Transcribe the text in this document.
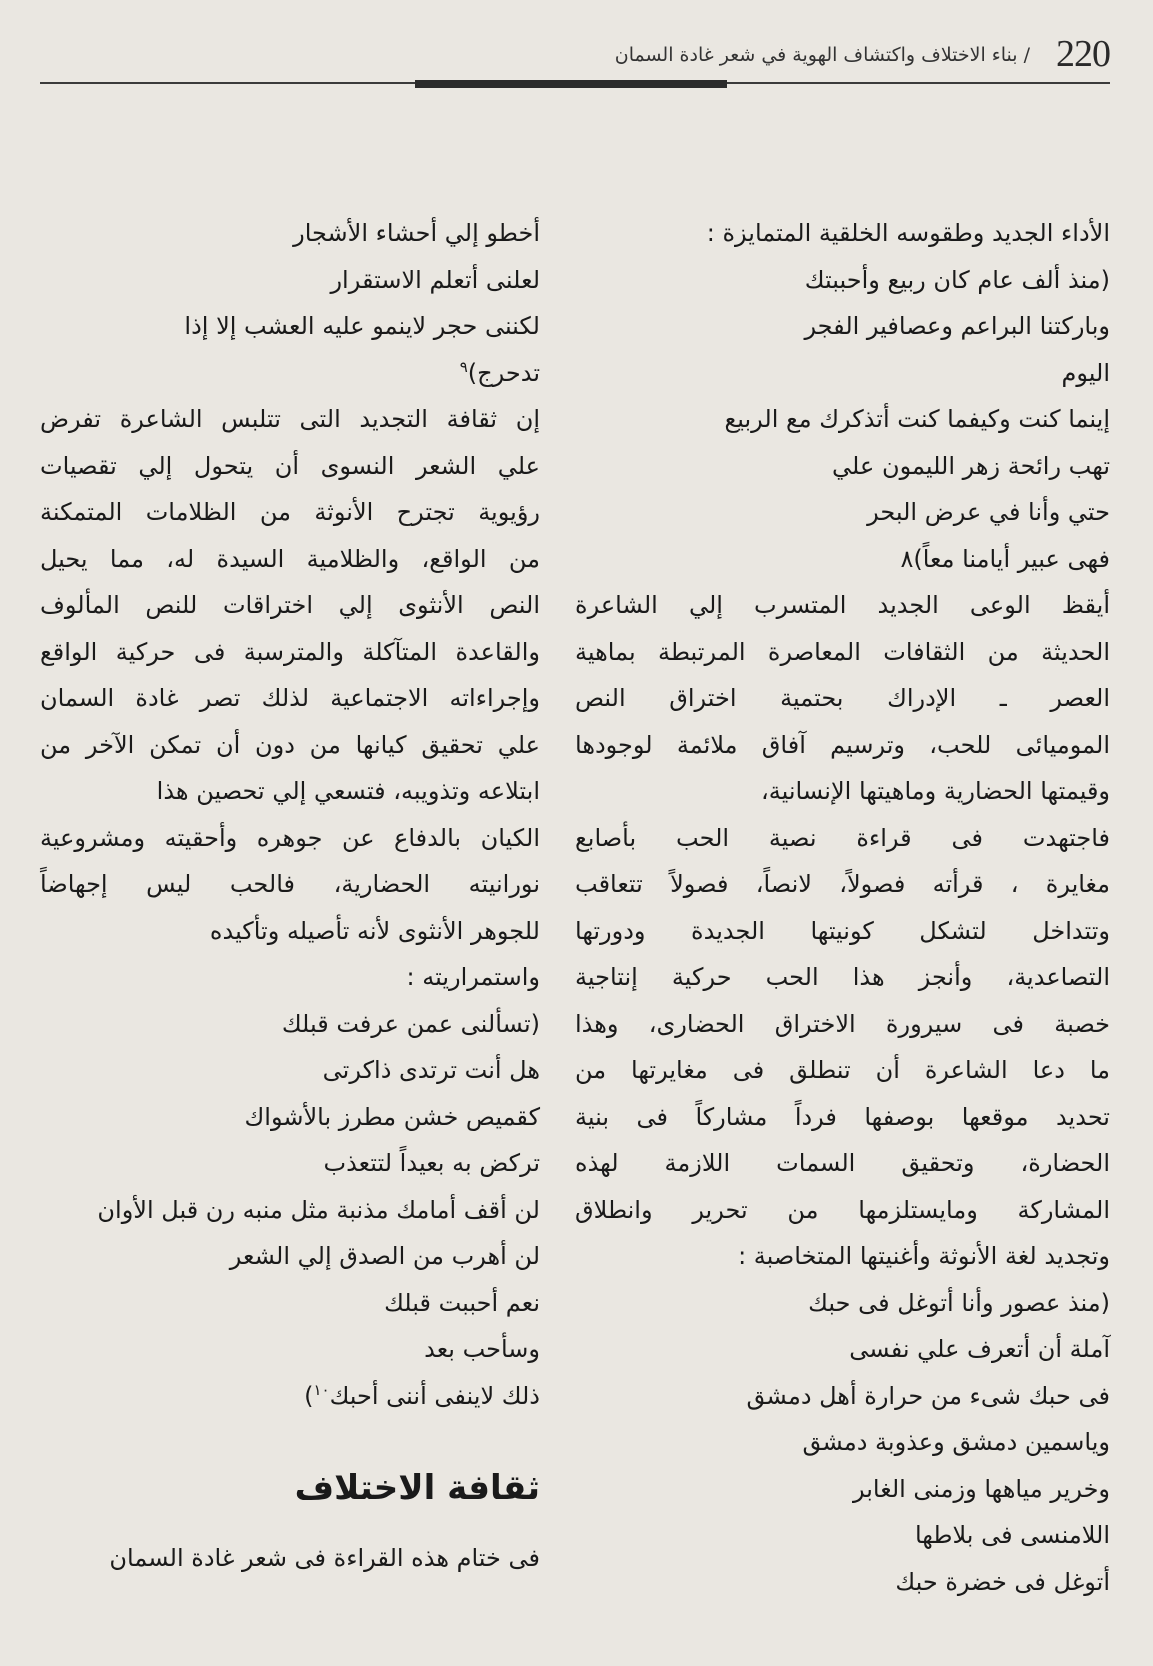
220
/ بناء الاختلاف واكتشاف الهوية في شعر غادة السمان
الأداء الجديد وطقوسه الخلقية المتمايزة :
(منذ ألف عام كان ربيع وأحببتك
وباركتنا البراعم وعصافير الفجر
اليوم
إينما كنت وكيفما كنت أتذكرك مع الربيع
تهب رائحة زهر الليمون علي
حتي وأنا في عرض البحر
فهى عبير أيامنا معاً)٨
أيقظ الوعى الجديد المتسرب إلي الشاعرة
الحديثة من الثقافات المعاصرة المرتبطة بماهية
العصر ـ الإدراك بحتمية اختراق النص
الموميائى للحب، وترسيم آفاق ملائمة لوجودها
وقيمتها الحضارية وماهيتها الإنسانية،
فاجتهدت فى قراءة نصية الحب بأصابع
مغايرة ، قرأته فصولاً، لانصاً، فصولاً تتعاقب
وتتداخل لتشكل كونيتها الجديدة ودورتها
التصاعدية، وأنجز هذا الحب حركية إنتاجية
خصبة فى سيرورة الاختراق الحضارى، وهذا
ما دعا الشاعرة أن تنطلق فى مغايرتها من
تحديد موقعها بوصفها فرداً مشاركاً فى بنية
الحضارة، وتحقيق السمات اللازمة لهذه
المشاركة ومايستلزمها من تحرير وانطلاق
وتجديد لغة الأنوثة وأغنيتها المتخاصبة :
(منذ عصور وأنا أتوغل فى حبك
آملة أن أتعرف علي نفسى
فى حبك شىء من حرارة أهل دمشق
وياسمين دمشق وعذوبة دمشق
وخرير مياهها وزمنى الغابر
اللامنسى فى بلاطها
أتوغل فى خضرة حبك
أخطو إلي أحشاء الأشجار
لعلنى أتعلم الاستقرار
لكننى حجر لاينمو عليه العشب إلا إذا
تدحرج)$^٩$
إن ثقافة التجديد التى تتلبس الشاعرة تفرض
علي الشعر النسوى أن يتحول إلي تقصيات
رؤيوية تجترح الأنوثة من الظلامات المتمكنة
من الواقع، والظلامية السيدة له، مما يحيل
النص الأنثوى إلي اختراقات للنص المألوف
والقاعدة المتآكلة والمترسبة فى حركية الواقع
وإجراءاته الاجتماعية لذلك تصر غادة السمان
علي تحقيق كيانها من دون أن تمكن الآخر من
ابتلاعه وتذويبه، فتسعي إلي تحصين هذا
الكيان بالدفاع عن جوهره وأحقيته ومشروعية
نورانيته الحضارية، فالحب ليس إجهاضاً
للجوهر الأنثوى لأنه تأصيله وتأكيده
واستمراريته :
(تسألنى عمن عرفت قبلك
هل أنت ترتدى ذاكرتى
كقميص خشن مطرز بالأشواك
تركض به بعيداً لتتعذب
لن أقف أمامك مذنبة مثل منبه رن قبل الأوان
لن أهرب من الصدق إلي الشعر
نعم أحببت قبلك
وسأحب بعد
ذلك لاينفى أننى أحبك$^{١٠}$)
ثقافة الاختلاف
فى ختام هذه القراءة فى شعر غادة السمان
